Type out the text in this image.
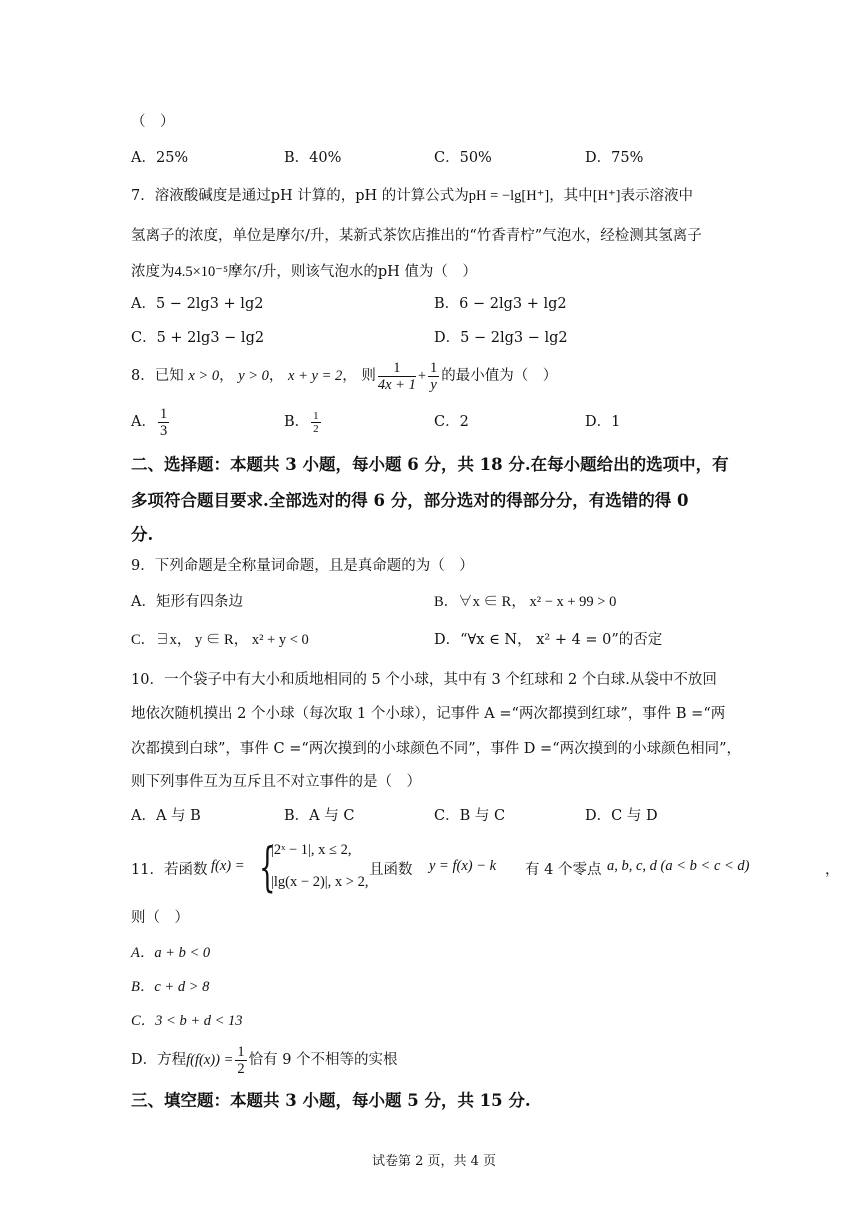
（　）
A．25%	B．40%	C．50%	D．75%
7．溶液酸碱度是通过pH 计算的，pH 的计算公式为pH = −lg[H⁺]，其中[H⁺]表示溶液中
氢离子的浓度，单位是摩尔/升，某新式茶饮店推出的“竹香青柠”气泡水，经检测其氢离子
浓度为4.5×10⁻⁵摩尔/升，则该气泡水的pH 值为（　）
A．5 − 2lg3 + lg2	B．6 − 2lg3 + lg2
C．5 + 2lg3 − lg2	D．5 − 2lg3 − lg2
8．已知 x > 0， y > 0， x + y = 2， 则 $\frac{1}{4x + 1} + \frac{1}{y}$ 的最小值为（　）
A． $\frac{1}{3}$	B． $\frac{1}{2}$	C．2	D．1
二、选择题：本题共 3 小题，每小题 6 分，共 18 分.在每小题给出的选项中，有
多项符合题目要求.全部选对的得 6 分，部分选对的得部分分，有选错的得 0
分.
9．下列命题是全称量词命题，且是真命题的为（　）
A．矩形有四条边	B．∀x ∈ R， x² − x + 99 > 0
C．∃x， y ∈ R， x² + y < 0	D．“∀x ∈ N， x² + 4 = 0”的否定
10．一个袋子中有大小和质地相同的 5 个小球，其中有 3 个红球和 2 个白球.从袋中不放回
地依次随机摸出 2 个小球（每次取 1 个小球），记事件 A =“两次都摸到红球”，事件 B =“两
次都摸到白球”，事件 C =“两次摸到的小球颜色不同”，事件 D =“两次摸到的小球颜色相同”，
则下列事件互为互斥且不对立事件的是（　）
A．A 与 B	B．A 与 C	C．B 与 C	D．C 与 D
11．若函数 f(x) = {
|2ˣ − 1|, x ≤ 2,
|lg(x − 2)|, x > 2,
且函数 y = f(x) − k 有 4 个零点 a, b, c, d (a < b < c < d)	，
则（　）
A．a + b < 0
B．c + d > 8
C．3 < b + d < 13
D．方程$f(f(x)) = \frac{1}{2}$ 恰有 9 个不相等的实根
三、填空题：本题共 3 小题，每小题 5 分，共 15 分.
试卷第 2 页，共 4 页
